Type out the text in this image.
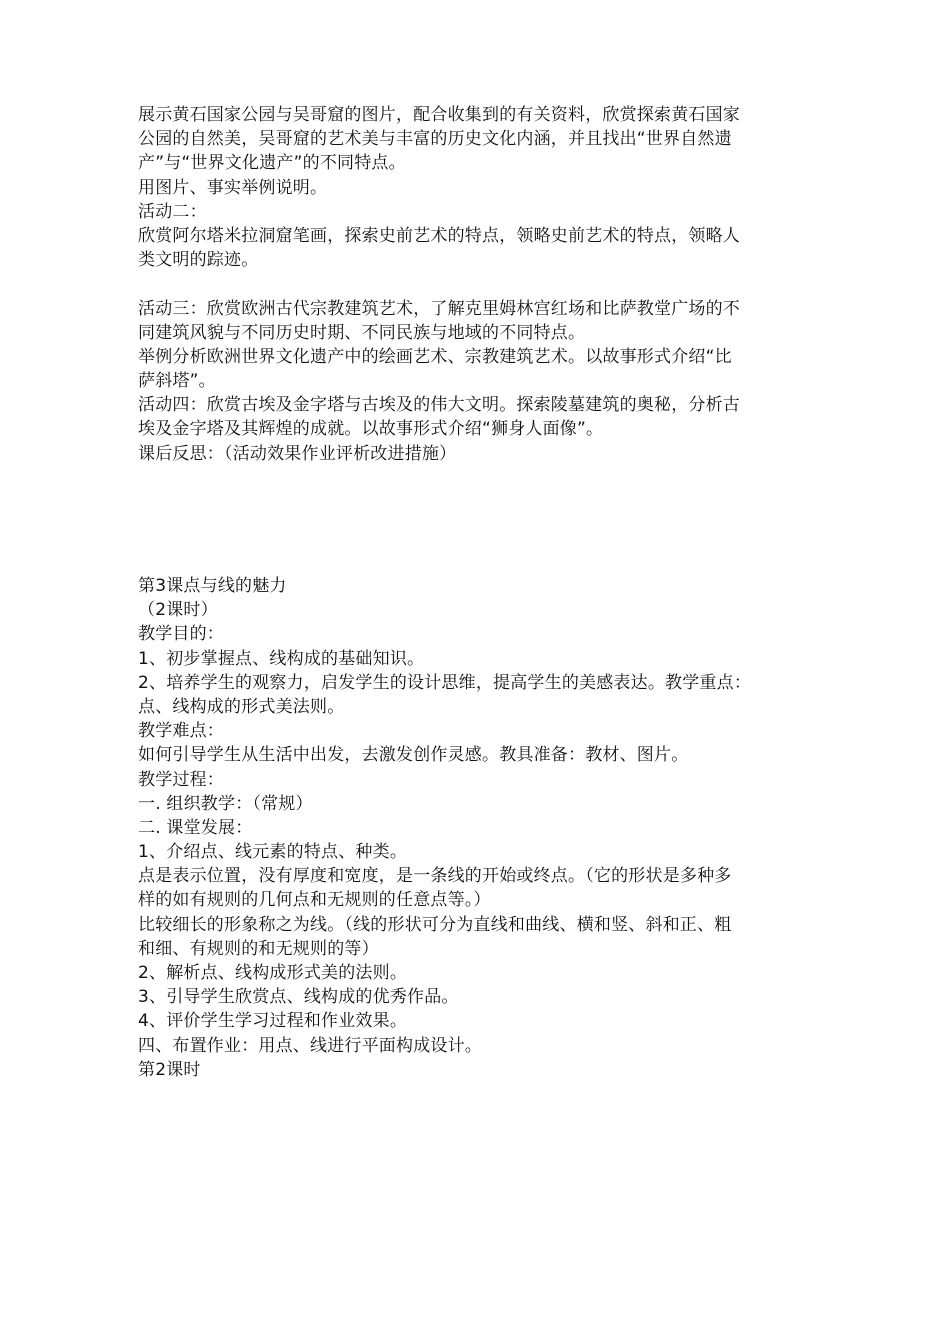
展示黄石国家公园与吴哥窟的图片，配合收集到的有关资料，欣赏探索黄石国家
公园的自然美，吴哥窟的艺术美与丰富的历史文化内涵，并且找出“世界自然遗
产”与“世界文化遗产”的不同特点。
用图片、事实举例说明。
活动二：
欣赏阿尔塔米拉洞窟笔画，探索史前艺术的特点，领略史前艺术的特点，领略人
类文明的踪迹。
活动三：欣赏欧洲古代宗教建筑艺术，了解克里姆林宫红场和比萨教堂广场的不
同建筑风貌与不同历史时期、不同民族与地域的不同特点。
举例分析欧洲世界文化遗产中的绘画艺术、宗教建筑艺术。以故事形式介绍“比
萨斜塔”。
活动四：欣赏古埃及金字塔与古埃及的伟大文明。探索陵墓建筑的奥秘，分析古
埃及金字塔及其辉煌的成就。以故事形式介绍“狮身人面像”。
课后反思：（活动效果作业评析改进措施）
第3课点与线的魅力
（2课时）
教学目的：
1、初步掌握点、线构成的基础知识。
2、培养学生的观察力，启发学生的设计思维，提高学生的美感表达。教学重点：
点、线构成的形式美法则。
教学难点：
如何引导学生从生活中出发，去激发创作灵感。教具准备：教材、图片。
教学过程：
一. 组织教学：（常规）
二. 课堂发展：
1、介绍点、线元素的特点、种类。
点是表示位置，没有厚度和宽度，是一条线的开始或终点。（它的形状是多种多
样的如有规则的几何点和无规则的任意点等。）
比较细长的形象称之为线。（线的形状可分为直线和曲线、横和竖、斜和正、粗
和细、有规则的和无规则的等）
2、解析点、线构成形式美的法则。
3、引导学生欣赏点、线构成的优秀作品。
4、评价学生学习过程和作业效果。
四、布置作业：用点、线进行平面构成设计。
第2课时
